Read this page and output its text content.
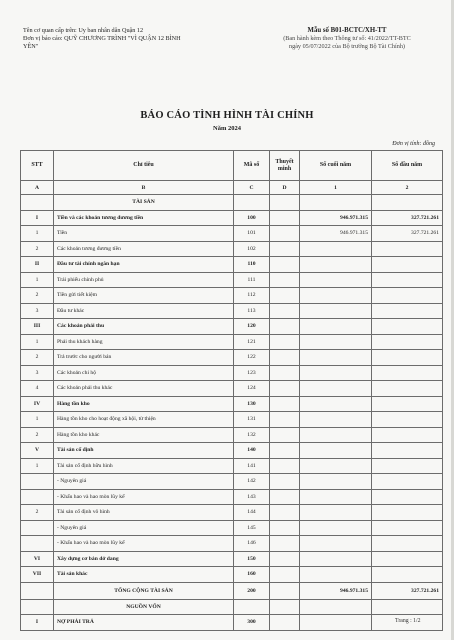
Tên cơ quan cấp trên: Uy ban nhân dân Quận 12
Đơn vị báo cáo: QUỸ CHƯƠNG TRÌNH "VÌ QUẬN 12 BÌNH
YÊN"
Mẫu số B01-BCTC/XH-TT
(Ban hành kèm theo Thông tư số: 41/2022/TT-BTC
ngày 05/07/2022 của Bộ trưởng Bộ Tài Chính)
BÁO CÁO TÌNH HÌNH TÀI CHÍNH
Năm 2024
Đơn vị tính: đồng
STT	Chỉ tiêu	Mã số	Thuyết minh	Số cuối năm	Số đầu năm
A	B	C	D	1	2
	TÀI SẢN				
I	Tiền và các khoản tương đương tiền	100		946.971.315	327.721.261
1	Tiền	101		946.971.315	327.721.261
2	Các khoản tương đương tiền	102			
II	Đầu tư tài chính ngắn hạn	110			
1	Trái phiếu chính phủ	111			
2	Tiền gửi tiết kiệm	112			
3	Đầu tư khác	113			
III	Các khoản phải thu	120			
1	Phải thu khách hàng	121			
2	Trả trước cho người bán	122			
3	Các khoản chi hộ	123			
4	Các khoản phải thu khác	124			
IV	Hàng tồn kho	130			
1	Hàng tồn kho cho hoạt động xã hội, từ thiện	131			
2	Hàng tồn kho khác	132			
V	Tài sản cố định	140			
1	Tài sản cố định hữu hình	141			
	- Nguyên giá	142			
	- Khấu hao và hao mòn lũy kế	143			
2	Tài sản cố định vô hình	144			
	- Nguyên giá	145			
	- Khấu hao và hao mòn lũy kế	146			
VI	Xây dựng cơ bản dở dang	150			
VII	Tài sản khác	160			
	TỔNG CỘNG TÀI SẢN	200		946.971.315	327.721.261
	NGUỒN VỐN				
I	NỢ PHẢI TRẢ	300				Trang : 1/2
